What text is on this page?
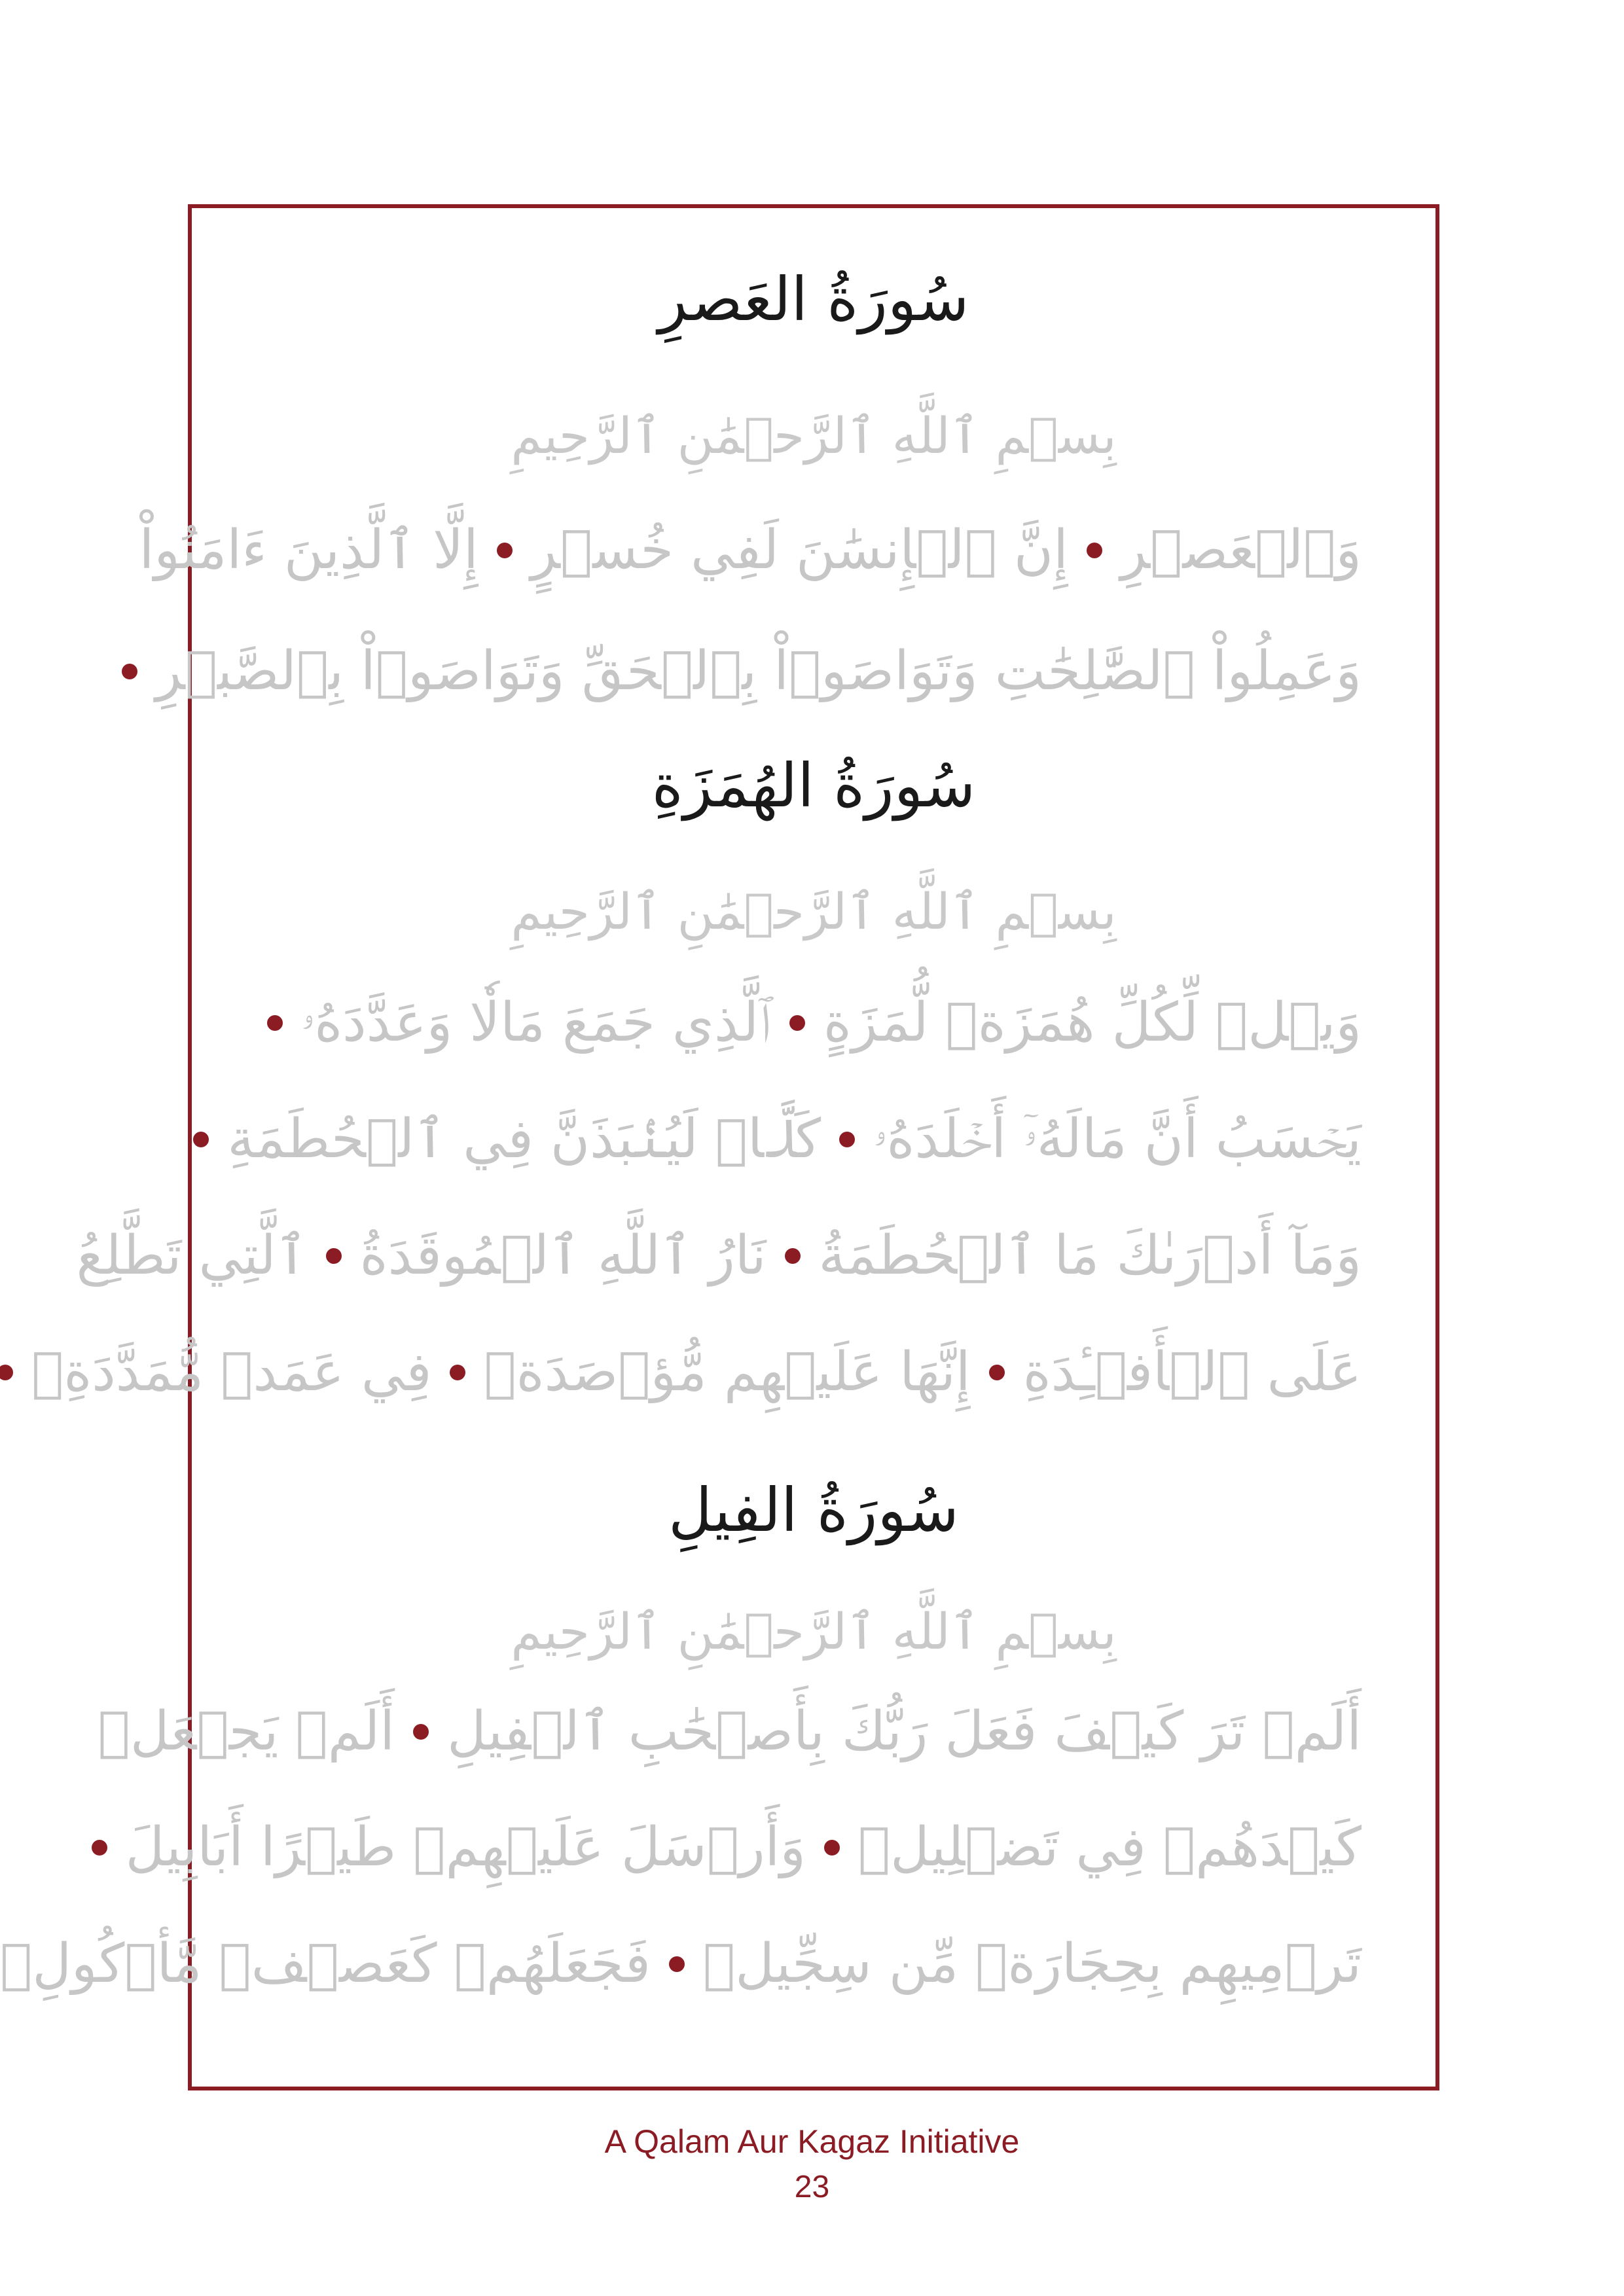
سُورَةُ العَصرِ
بِسۡمِ ٱللَّهِ ٱلرَّحۡمَٰنِ ٱلرَّحِيمِ
وَٱلۡعَصۡرِ
إِنَّ ٱلۡإِنسَٰنَ لَفِي خُسۡرٍ
إِلَّا ٱلَّذِينَ ءَامَنُواْ
وَعَمِلُواْ ٱلصَّٰلِحَٰتِ وَتَوَاصَوۡاْ بِٱلۡحَقِّ وَتَوَاصَوۡاْ بِٱلصَّبۡرِ
سُورَةُ الهُمَزَةِ
بِسۡمِ ٱللَّهِ ٱلرَّحۡمَٰنِ ٱلرَّحِيمِ
وَيۡلٞ لِّكُلِّ هُمَزَةٖ لُّمَزَةٍ
ٱلَّذِي جَمَعَ مَالٗا وَعَدَّدَهُۥ
يَحۡسَبُ أَنَّ مَالَهُۥٓ أَخۡلَدَهُۥ
كَلَّاۖ لَيُنۢبَذَنَّ فِي ٱلۡحُطَمَةِ
وَمَآ أَدۡرَىٰكَ مَا ٱلۡحُطَمَةُ
نَارُ ٱللَّهِ ٱلۡمُوقَدَةُ
ٱلَّتِي تَطَّلِعُ
عَلَى ٱلۡأَفۡـِٔدَةِ
إِنَّهَا عَلَيۡهِم مُّؤۡصَدَةٞ
فِي عَمَدٖ مُّمَدَّدَةِۭ
سُورَةُ الفِيلِ
بِسۡمِ ٱللَّهِ ٱلرَّحۡمَٰنِ ٱلرَّحِيمِ
أَلَمۡ تَرَ كَيۡفَ فَعَلَ رَبُّكَ بِأَصۡحَٰبِ ٱلۡفِيلِ
أَلَمۡ يَجۡعَلۡ
كَيۡدَهُمۡ فِي تَضۡلِيلٖ
وَأَرۡسَلَ عَلَيۡهِمۡ طَيۡرًا أَبَابِيلَ
تَرۡمِيهِم بِحِجَارَةٖ مِّن سِجِّيلٖ
فَجَعَلَهُمۡ كَعَصۡفٖ مَّأۡكُولِۭ
A Qalam Aur Kagaz Initiative
23
